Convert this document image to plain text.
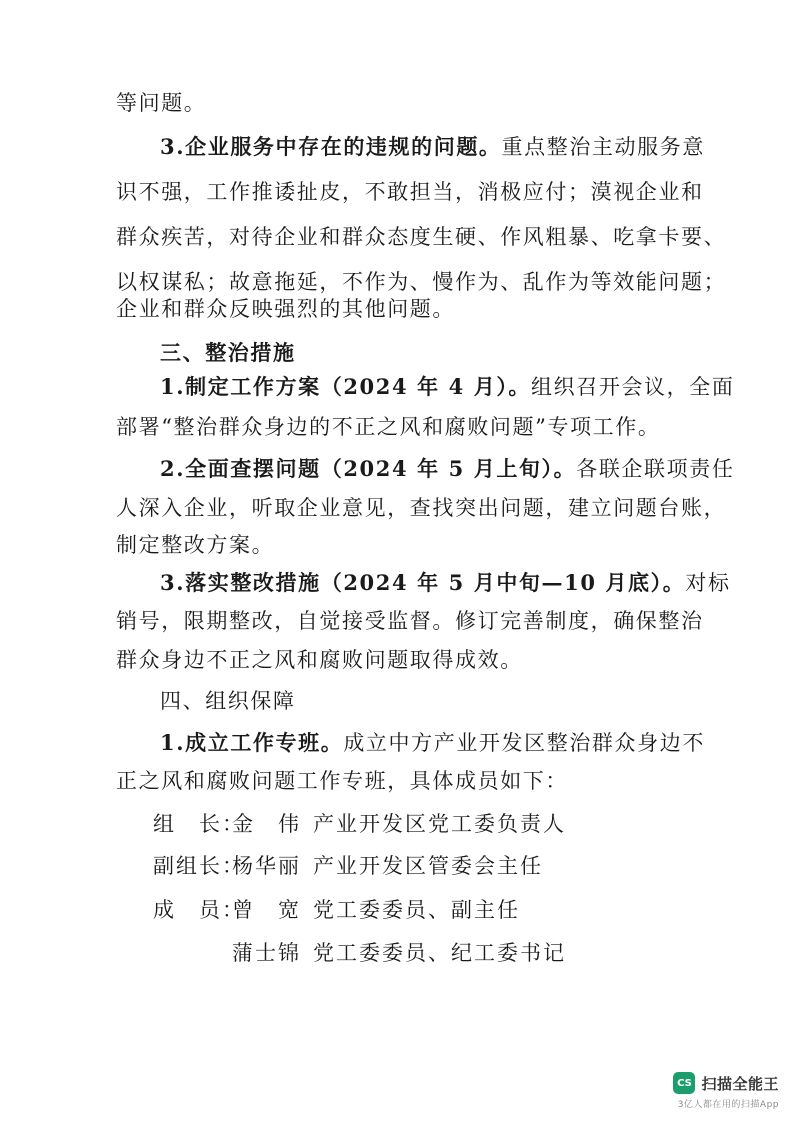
等问题。
3.企业服务中存在的违规的问题。重点整治主动服务意
识不强，工作推诿扯皮，不敢担当，消极应付；漠视企业和
群众疾苦，对待企业和群众态度生硬、作风粗暴、吃拿卡要、
以权谋私；故意拖延，不作为、慢作为、乱作为等效能问题；
企业和群众反映强烈的其他问题。
三、整治措施
1.制定工作方案（2024 年 4 月）。组织召开会议，全面
部署“整治群众身边的不正之风和腐败问题”专项工作。
2.全面查摆问题（2024 年 5 月上旬）。各联企联项责任
人深入企业，听取企业意见，查找突出问题，建立问题台账，
制定整改方案。
3.落实整改措施（2024 年 5 月中旬—10 月底）。对标
销号，限期整改，自觉接受监督。修订完善制度，确保整治
群众身边不正之风和腐败问题取得成效。
四、组织保障
1.成立工作专班。成立中方产业开发区整治群众身边不
正之风和腐败问题工作专班，具体成员如下：
组　长：
金　伟 产业开发区党工委负责人
副组长：
杨华丽 产业开发区管委会主任
成　员：
曾　宽 党工委委员、副主任
蒲士锦 党工委委员、纪工委书记
CS 扫描全能王
3亿人都在用的扫描App
